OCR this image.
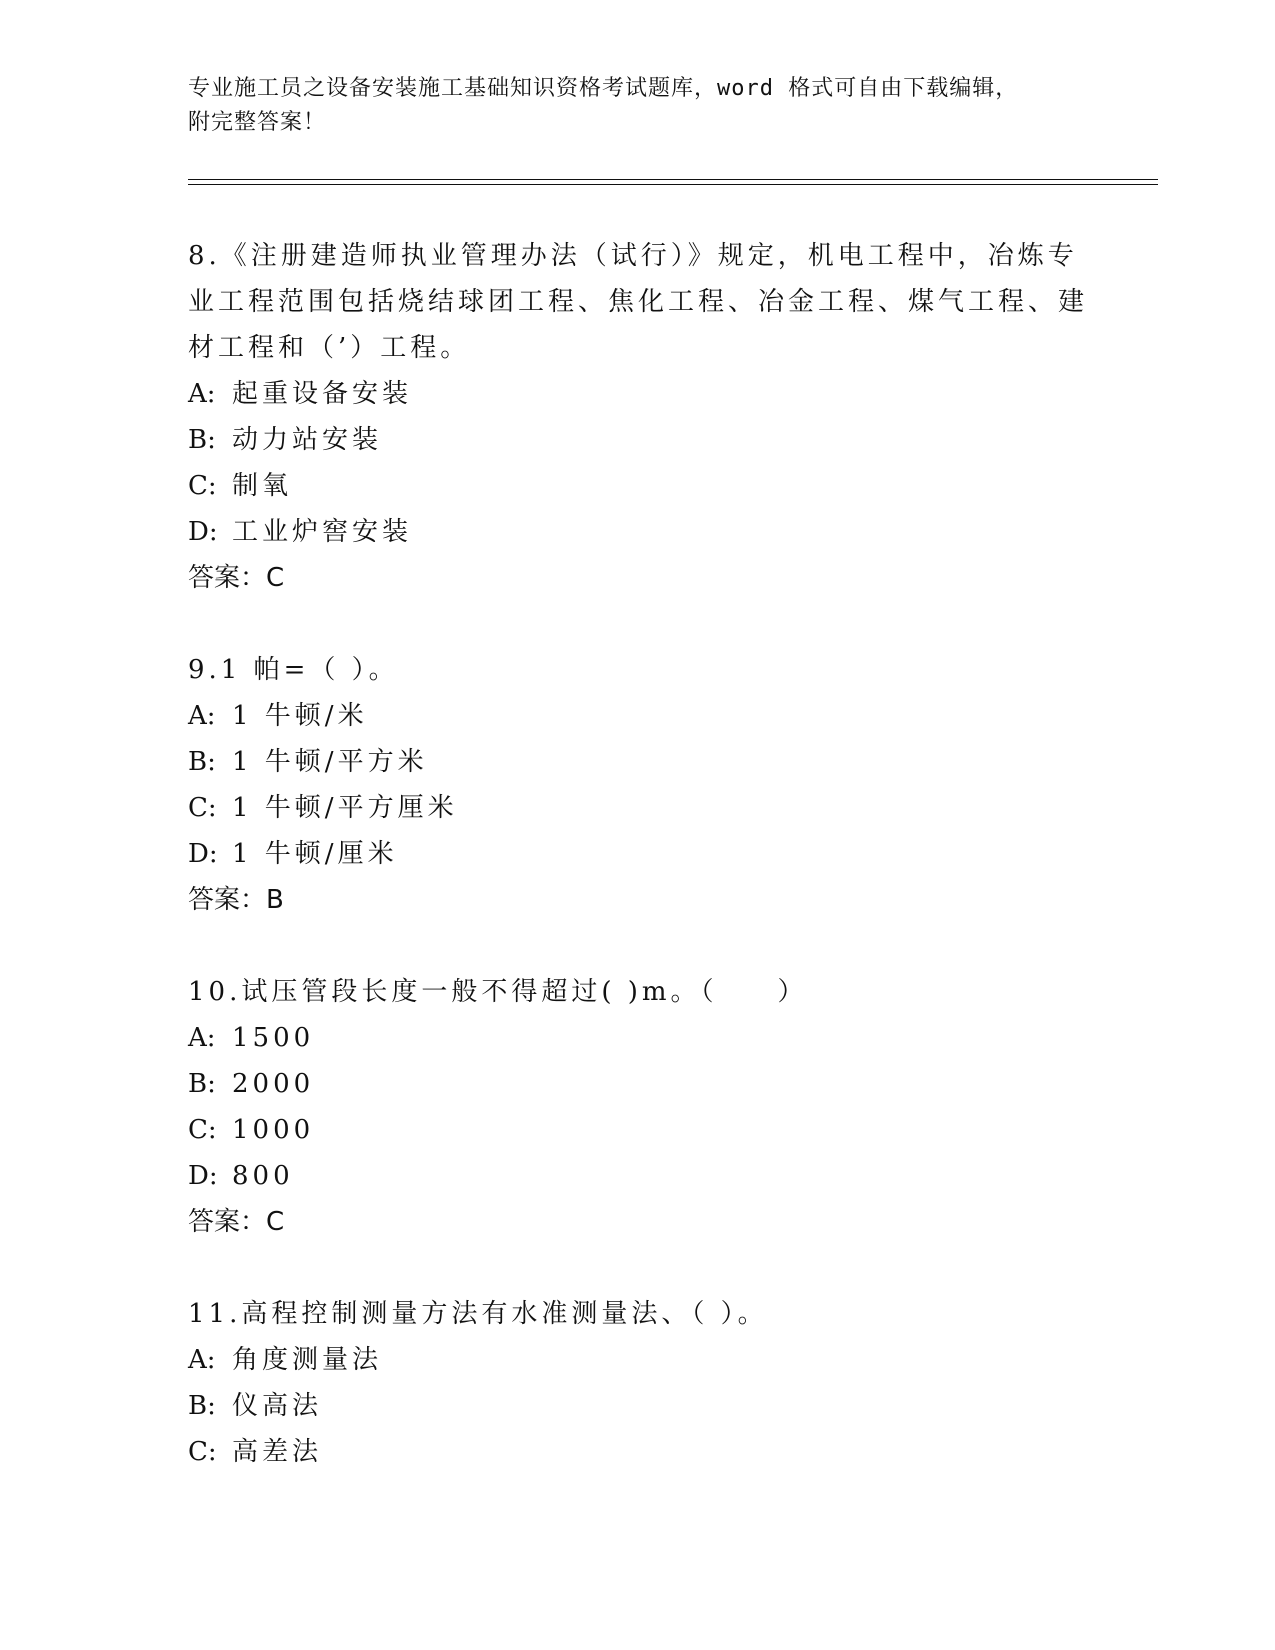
专业施工员之设备安装施工基础知识资格考试题库，word 格式可自由下载编辑，
附完整答案！

8.《注册建造师执业管理办法（试行）》规定，机电工程中，冶炼专业工程范围包括烧结球团工程、焦化工程、冶金工程、煤气工程、建材工程和（’）工程。

A: 起重设备安装

B: 动力站安装

C: 制氧

D: 工业炉窖安装

答案：C

9.1 帕=（ ）。

A: 1 牛顿/米

B: 1 牛顿/平方米

C: 1 牛顿/平方厘米

D: 1 牛顿/厘米

答案：B

10.试压管段长度一般不得超过( )m。（　　）

A: 1500

B: 2000

C: 1000

D: 800

答案：C

11.高程控制测量方法有水准测量法、（ ）。

A: 角度测量法

B: 仪高法

C: 高差法
